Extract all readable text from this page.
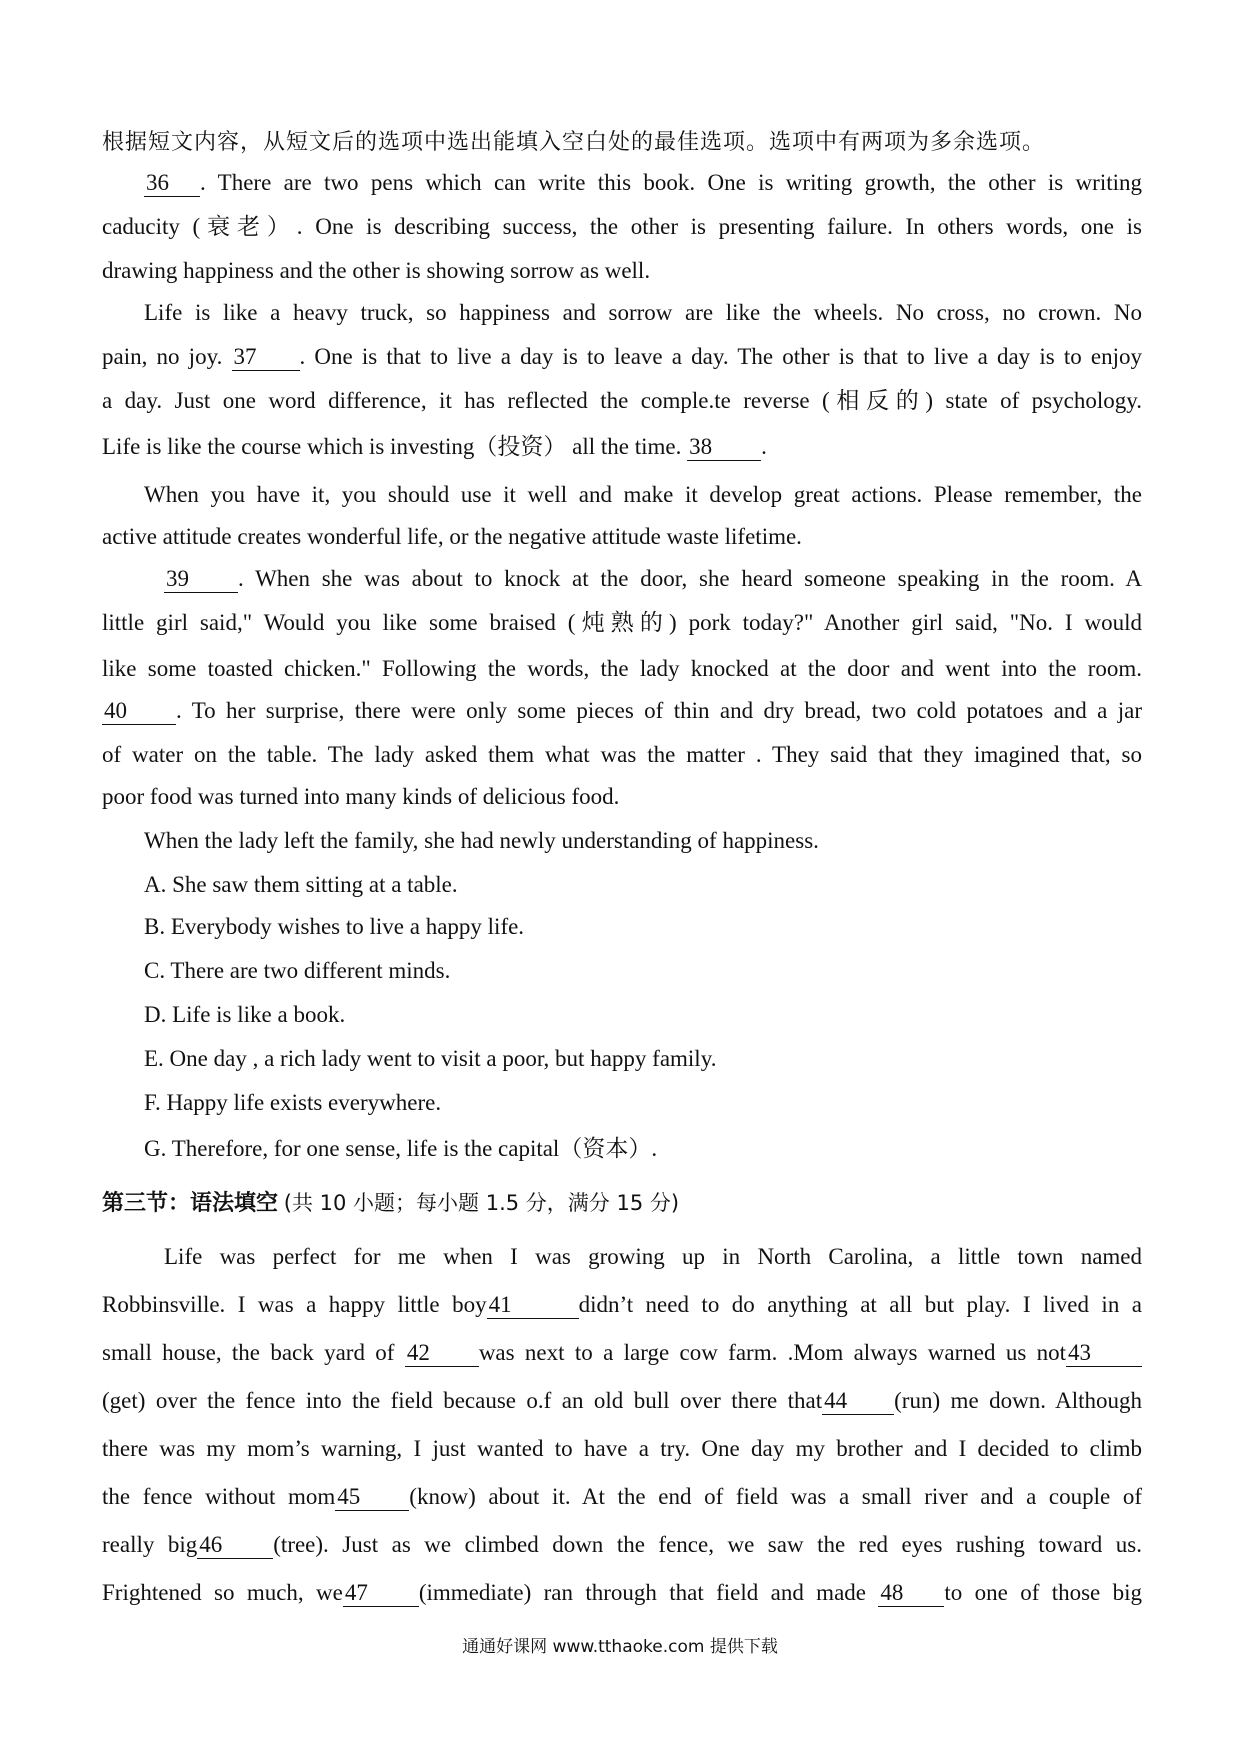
根据短文内容，从短文后的选项中选出能填入空白处的最佳选项。选项中有两项为多余选项。
36 . There are two pens which can write this book. One is writing growth, the other is writing
caducity (衰老）. One is describing success, the other is presenting failure. In others words, one is
drawing happiness and the other is showing sorrow as well.
Life is like a heavy truck, so happiness and sorrow are like the wheels. No cross, no crown. No
pain, no joy. 37 . One is that to live a day is to leave a day. The other is that to live a day is to enjoy
a day. Just one word difference, it has reflected the comple.te reverse (相反的) state of psychology.
Life is like the course which is investing（投资） all the time. 38 .
When you have it, you should use it well and make it develop great actions. Please remember, the
active attitude creates wonderful life, or the negative attitude waste lifetime.
39 . When she was about to knock at the door, she heard someone speaking in the room. A
little girl said," Would you like some braised (炖熟的) pork today?" Another girl said, "No. I would
like some toasted chicken." Following the words, the lady knocked at the door and went into the room.
40 . To her surprise, there were only some pieces of thin and dry bread, two cold potatoes and a jar
of water on the table. The lady asked them what was the matter . They said that they imagined that, so
poor food was turned into many kinds of delicious food.
When the lady left the family, she had newly understanding of happiness.
A. She saw them sitting at a table.
B. Everybody wishes to live a happy life.
C. There are two different minds.
D. Life is like a book.
E. One day , a rich lady went to visit a poor, but happy family.
F. Happy life exists everywhere.
G. Therefore, for one sense, life is the capital（资本）.
第三节：语法填空 (共 10 小题；每小题 1.5 分，满分 15 分)
Life was perfect for me when I was growing up in North Carolina, a little town named
Robbinsville. I was a happy little boy41	didn’t need to do anything at all but play. I lived in a
small house, the back yard of 42 was next to a large cow farm. .Mom always warned us not43
(get) over the fence into the field because o.f an old bull over there that44 (run) me down. Although
there was my mom’s warning, I just wanted to have a try. One day my brother and I decided to climb
the fence without mom45 (know) about it. At the end of field was a small river and a couple of
really big46 (tree). Just as we climbed down the fence, we saw the red eyes rushing toward us.
Frightened so much, we47 (immediate) ran through that field and made 48 to one of those big
通通好课网 www.tthaoke.com 提供下载
